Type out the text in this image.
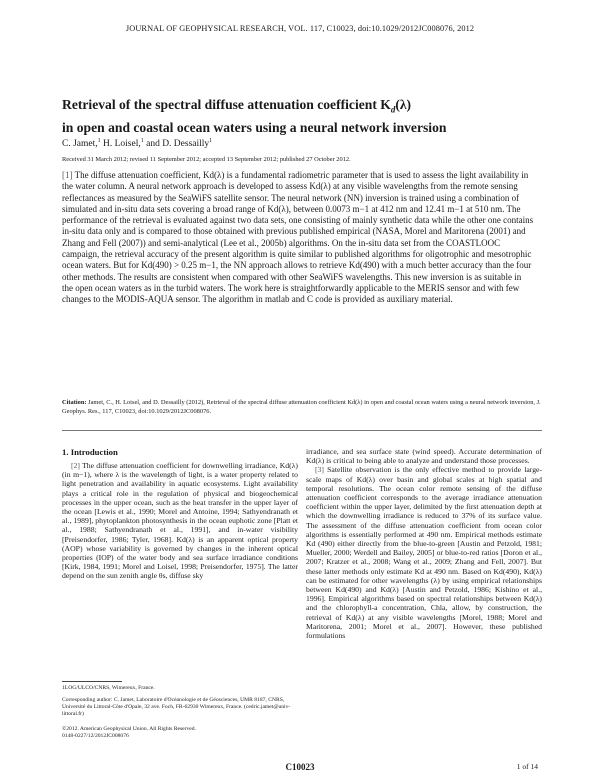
JOURNAL OF GEOPHYSICAL RESEARCH, VOL. 117, C10023, doi:10.1029/2012JC008076, 2012
Retrieval of the spectral diffuse attenuation coefficient $K_d(\lambda)$
in open and coastal ocean waters using a neural network inversion
C. Jamet,$^1$ H. Loisel,$^1$ and D. Dessailly$^1$
Received 31 March 2012; revised 11 September 2012; accepted 13 September 2012; published 27 October 2012.
[1] The diffuse attenuation coefficient, Kd(λ) is a fundamental radiometric parameter that is used to assess the light availability in the water column. A neural network approach is developed to assess Kd(λ) at any visible wavelengths from the remote sensing reflectances as measured by the SeaWiFS satellite sensor. The neural network (NN) inversion is trained using a combination of simulated and in-situ data sets covering a broad range of Kd(λ), between 0.0073 m−1 at 412 nm and 12.41 m−1 at 510 nm. The performance of the retrieval is evaluated against two data sets, one consisting of mainly synthetic data while the other one contains in-situ data only and is compared to those obtained with previous published empirical (NASA, Morel and Maritorena (2001) and Zhang and Fell (2007)) and semi-analytical (Lee et al., 2005b) algorithms. On the in-situ data set from the COASTLOOC campaign, the retrieval accuracy of the present algorithm is quite similar to published algorithms for oligotrophic and mesotrophic ocean waters. But for Kd(490) > 0.25 m−1, the NN approach allows to retrieve Kd(490) with a much better accuracy than the four other methods. The results are consistent when compared with other SeaWiFS wavelengths. This new inversion is as suitable in the open ocean waters as in the turbid waters. The work here is straightforwardly applicable to the MERIS sensor and with few changes to the MODIS-AQUA sensor. The algorithm in matlab and C code is provided as auxiliary material.
Citation: Jamet, C., H. Loisel, and D. Dessailly (2012), Retrieval of the spectral diffuse attenuation coefficient Kd(λ) in open and coastal ocean waters using a neural network inversion, J. Geophys. Res., 117, C10023, doi:10.1029/2012JC008076.
1. Introduction
[2] The diffuse attenuation coefficient for downwelling irradiance, Kd(λ) (in m−1), where λ is the wavelength of light, is a water property related to light penetration and availability in aquatic ecosystems. Light availability plays a critical role in the regulation of physical and biogeochemical processes in the upper ocean, such as the heat transfer in the upper layer of the ocean [Lewis et al., 1990; Morel and Antoine, 1994; Sathyendranath et al., 1989], phytoplankton photosynthesis in the ocean euphotic zone [Platt et al., 1988; Sathyendranath et al., 1991], and in-water visibility [Preisendorfer, 1986; Tyler, 1968]. Kd(λ) is an apparent optical property (AOP) whose variability is governed by changes in the inherent optical properties (IOP) of the water body and sea surface irradiance conditions [Kirk, 1984, 1991; Morel and Loisel, 1998; Preisendorfer, 1975]. The latter depend on the sun zenith angle θs, diffuse sky
irradiance, and sea surface state (wind speed). Accurate determination of Kd(λ) is critical to being able to analyze and understand those processes.
[3] Satellite observation is the only effective method to provide large-scale maps of Kd(λ) over basin and global scales at high spatial and temporal resolutions. The ocean color remote sensing of the diffuse attenuation coefficient corresponds to the average irradiance attenuation coefficient within the upper layer, delimited by the first attenuation depth at which the downwelling irradiance is reduced to 37% of its surface value. The assessment of the diffuse attenuation coefficient from ocean color algorithms is essentially performed at 490 nm. Empirical methods estimate Kd (490) either directly from the blue-to-green [Austin and Petzold, 1981; Mueller, 2000; Werdell and Bailey, 2005] or blue-to-red ratios [Doron et al., 2007; Kratzer et al., 2008; Wang et al., 2009; Zhang and Fell, 2007]. But these latter methods only estimate Kd at 490 nm. Based on Kd(490), Kd(λ) can be estimated for other wavelengths (λ) by using empirical relationships between Kd(490) and Kd(λ) [Austin and Petzold, 1986; Kishino et al., 1996]. Empirical algorithms based on spectral relationships between Kd(λ) and the chlorophyll-a concentration, Chla, allow, by construction, the retrieval of Kd(λ) at any visible wavelengths [Morel, 1988; Morel and Maritorena, 2001; Morel et al., 2007]. However, these published formulations
1LOG/ULCO/CNRS, Wimereux, France.
Corresponding author: C. Jamet, Laboratoire d'Océanologie et de Géosciences, UMR 8187, CNRS, Université du Littoral-Côte d'Opale, 32 ave. Foch, FR-62930 Wimereux, France. (cedric.jamet@univ-littoral.fr)
©2012. American Geophysical Union. All Rights Reserved.
0148-0227/12/2012JC008076
C10023	1 of 14
